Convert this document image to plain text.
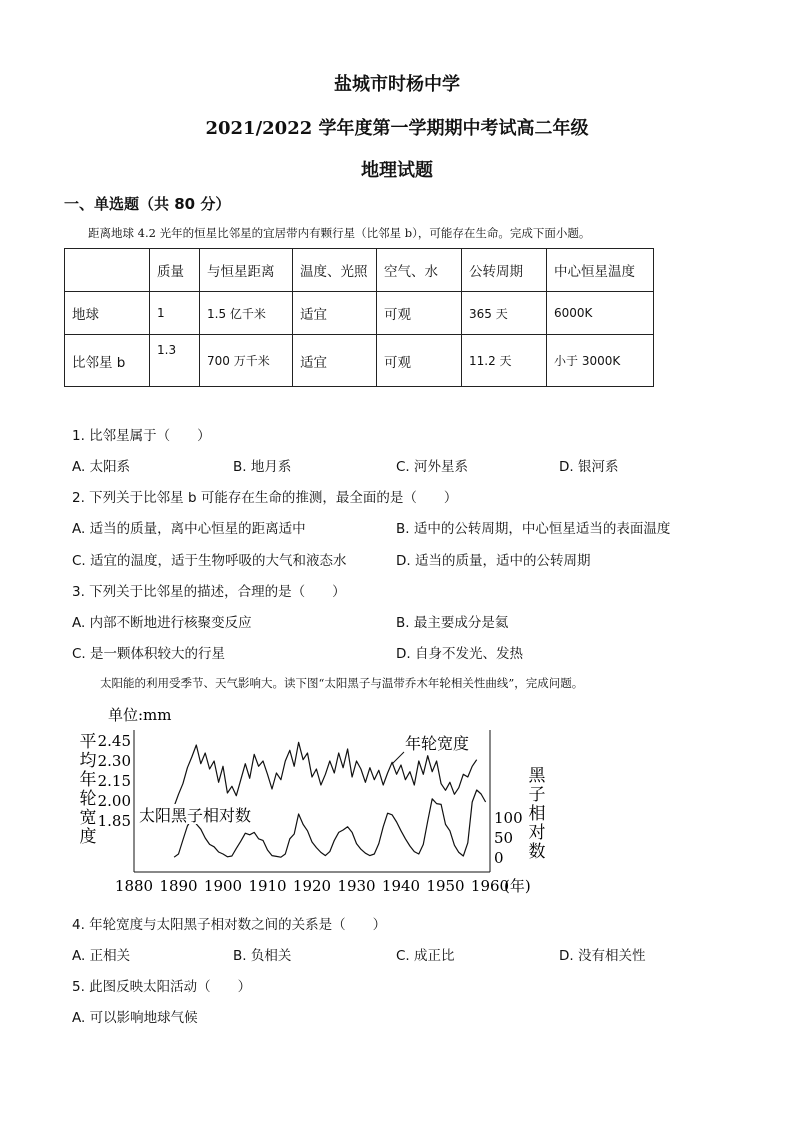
盐城市时杨中学
2021/2022 学年度第一学期期中考试高二年级
地理试题
一、单选题（共 80 分）
距离地球 4.2 光年的恒星比邻星的宜居带内有颗行星（比邻星 b），可能存在生命。完成下面小题。
	质量	与恒星距离	温度、光照	空气、水	公转周期	中心恒星温度
地球	1	1.5 亿千米	适宜	可观	365 天	6000K
比邻星 b	1.3	700 万千米	适宜	可观	11.2 天	小于 3000K
1. 比邻星属于（　　）
A. 太阳系	B. 地月系	C. 河外星系	D. 银河系
2. 下列关于比邻星 b 可能存在生命的推测，最全面的是（　　）
A. 适当的质量，离中心恒星的距离适中	B. 适中的公转周期，中心恒星适当的表面温度
C. 适宜的温度，适于生物呼吸的大气和液态水	D. 适当的质量，适中的公转周期
3. 下列关于比邻星的描述，合理的是（　　）
A. 内部不断地进行核聚变反应	B. 最主要成分是氦
C. 是一颗体积较大的行星	D. 自身不发光、发热
太阳能的利用受季节、天气影响大。读下图“太阳黑子与温带乔木年轮相关性曲线”，完成问题。
单位:mm
平
均
年
轮
宽
度
黑
子
相
对
数
1880 1890 1900 1910 1920 1930 1940 1950 1960
2.45
2.30
2.15
2.00
1.85	100
50
0
年轮宽度
太阳黑子相对数
(年)
4. 年轮宽度与太阳黑子相对数之间的关系是（　　）
A. 正相关	B. 负相关	C. 成正比	D. 没有相关性
5. 此图反映太阳活动（　　）
A. 可以影响地球气候
